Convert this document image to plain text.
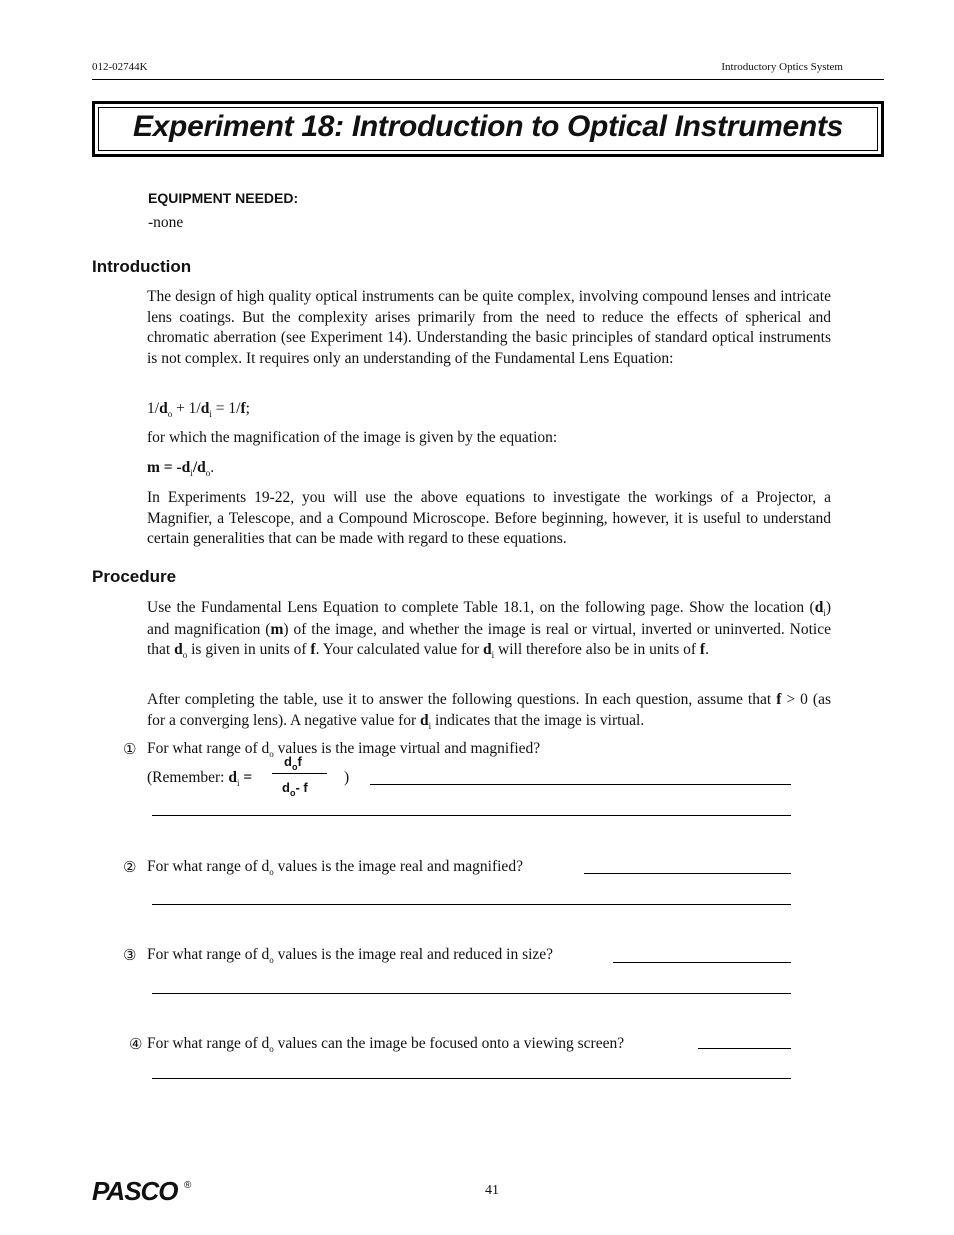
012-02744K	Introductory Optics System
Experiment 18: Introduction to Optical Instruments
EQUIPMENT NEEDED:
-none
Introduction
The design of high quality optical instruments can be quite complex, involving compound lenses and intricate lens coatings. But the complexity arises primarily from the need to reduce the effects of spherical and chromatic aberration (see Experiment 14). Understanding the basic principles of standard optical instruments is not complex. It requires only an understanding of the Fundamental Lens Equation:
$1/d_o + 1/d_i = 1/f$;
for which the magnification of the image is given by the equation:
$m = -d_i/d_o$.
In Experiments 19-22, you will use the above equations to investigate the workings of a Projector, a Magnifier, a Telescope, and a Compound Microscope. Before beginning, however, it is useful to understand certain generalities that can be made with regard to these equations.
Procedure
Use the Fundamental Lens Equation to complete Table 18.1, on the following page. Show the location $(d_i)$ and magnification (m) of the image, and whether the image is real or virtual, inverted or uninverted. Notice that $d_o$ is given in units of f. Your calculated value for $d_i$ will therefore also be in units of f.
After completing the table, use it to answer the following questions. In each question, assume that f > 0 (as for a converging lens). A negative value for $d_i$ indicates that the image is virtual.
① For what range of $d_o$ values is the image virtual and magnified?
(Remember: $d_i$ =
$d_of$
$d_o-$ f
)
② For what range of $d_o$ values is the image real and magnified?
③ For what range of $d_o$ values is the image real and reduced in size?
④ For what range of $d_o$ values can the image be focused onto a viewing screen?
PASCO ®	41
